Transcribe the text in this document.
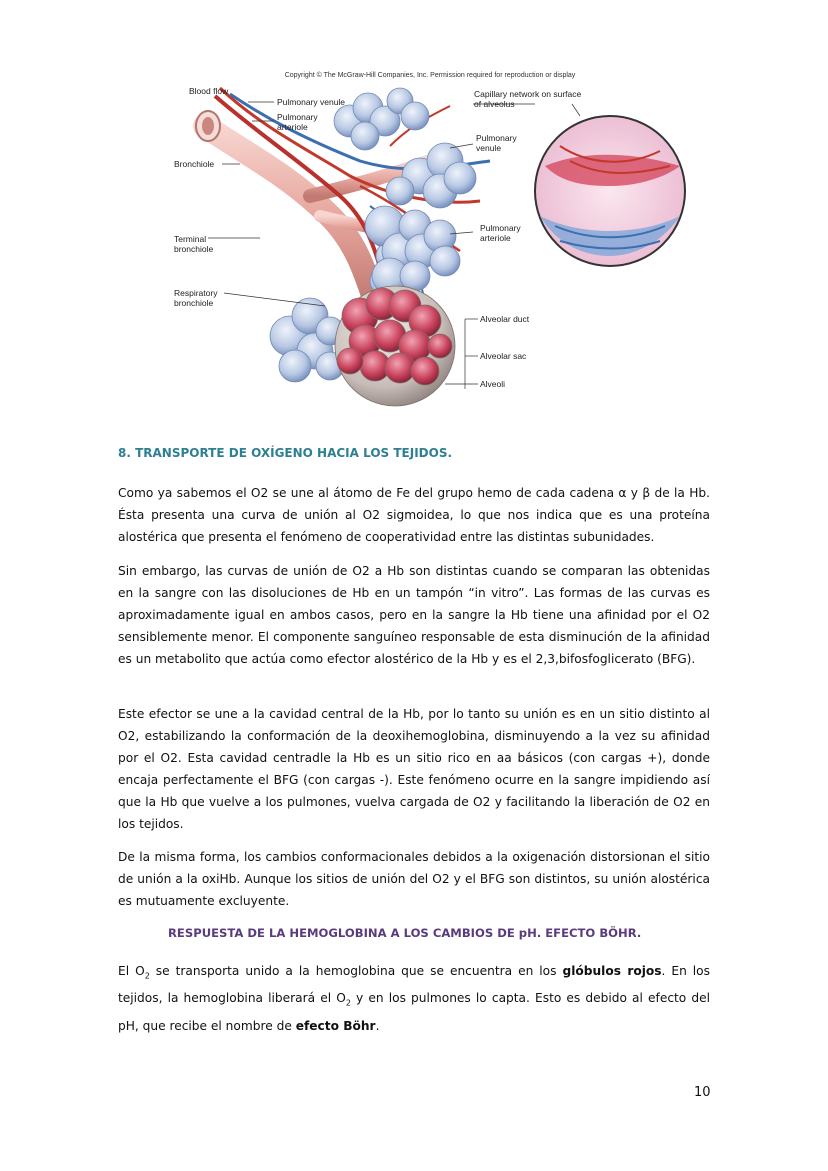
Copyright © The McGraw-Hill Companies, Inc. Permission required for reproduction or display
Blood flow
Pulmonary venule
Pulmonary arteriole
Bronchiole
Terminal bronchiole
Respiratory bronchiole
Capillary network on surface of alveolus
Pulmonary venule
Pulmonary arteriole
Alveolar duct
Alveolar sac
Alveoli
8. TRANSPORTE DE OXÍGENO HACIA LOS TEJIDOS.
Como ya sabemos el O2 se une al átomo de Fe del grupo hemo de cada cadena α y β de la Hb. Ésta presenta una curva de unión al O2 sigmoidea, lo que nos indica que es una proteína alostérica que presenta el fenómeno de cooperatividad entre las distintas subunidades.
Sin embargo, las curvas de unión de O2 a Hb son distintas cuando se comparan las obtenidas en la sangre con las disoluciones de Hb en un tampón “in vitro”. Las formas de las curvas es aproximadamente igual en ambos casos, pero en la sangre la Hb tiene una afinidad por el O2 sensiblemente menor. El componente sanguíneo responsable de esta disminución de la afinidad es un metabolito que actúa como efector alostérico de la Hb y es el 2,3,bifosfoglicerato (BFG).
Este efector se une a la cavidad central de la Hb, por lo tanto su unión es en un sitio distinto al O2, estabilizando la conformación de la deoxihemoglobina, disminuyendo a la vez su afinidad por el O2. Esta cavidad centradle la Hb es un sitio rico en aa básicos (con cargas +), donde encaja perfectamente el BFG (con cargas -). Este fenómeno ocurre en la sangre impidiendo así que la Hb que vuelve a los pulmones, vuelva cargada de O2 y facilitando la liberación de O2 en los tejidos.
De la misma forma, los cambios conformacionales debidos a la oxigenación distorsionan el sitio de unión a la oxiHb. Aunque los sitios de unión del O2 y el BFG son distintos, su unión alostérica es mutuamente excluyente.
RESPUESTA DE LA HEMOGLOBINA A LOS CAMBIOS DE pH. EFECTO BÖHR.
El $O_2$ se transporta unido a la hemoglobina que se encuentra en los glóbulos rojos. En los tejidos, la hemoglobina liberará el $O_2$ y en los pulmones lo capta. Esto es debido al efecto del pH, que recibe el nombre de efecto Böhr.
10
